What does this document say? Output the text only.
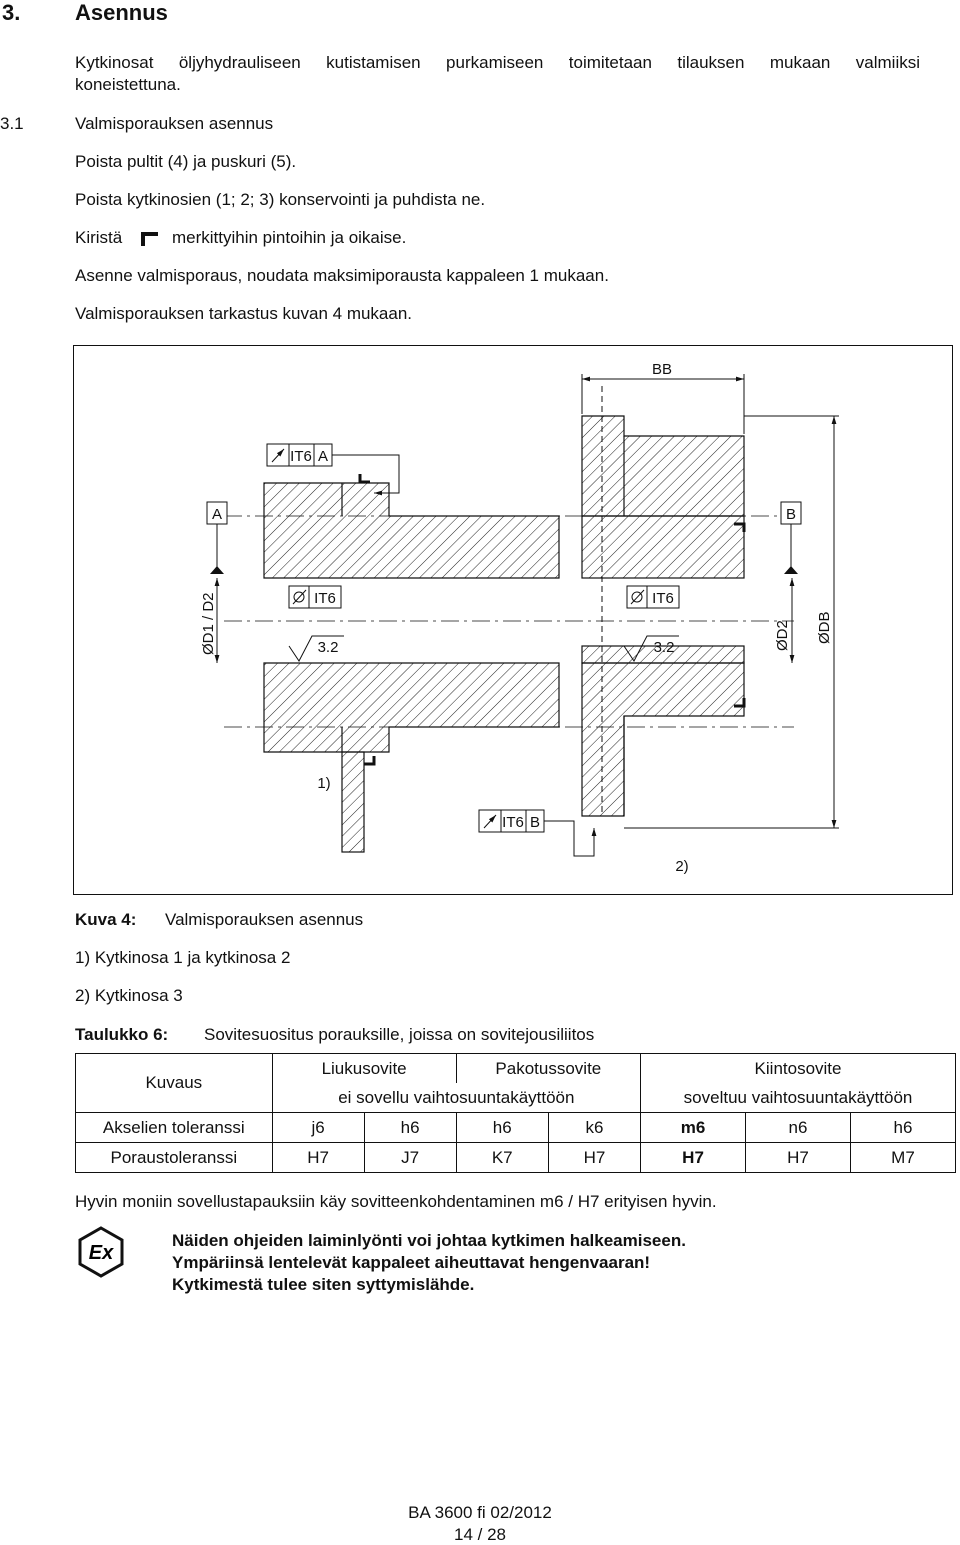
3. Asennus
Kytkinosat öljyhydrauliseen kutistamisen purkamiseen toimitetaan tilauksen mukaan valmiiksi
koneistettuna.
3.1	Valmisporauksen asennus
Poista pultit (4) ja puskuri (5).
Poista kytkinosien (1; 2; 3) konservointi ja puhdista ne.
Kiristä	merkittyihin pintoihin ja oikaise.
Asenne valmisporaus, noudata maksimiporausta kappaleen 1 mukaan.
Valmisporauksen tarkastus kuvan 4 mukaan.
A	B
IT6 A
BB
ØD1 / D2	ØD2 ØDB
IT6
3.2
IT6
3.2
IT6 B
1)
2)
Kuva 4: Valmisporauksen asennus
1) Kytkinosa 1 ja kytkinosa 2
2) Kytkinosa 3
Taulukko 6: Sovitesuositus porauksille, joissa on sovitejousiliitos
Kuvaus	Liukusovite		Pakotussovite		Kiintosovite		
	ei sovellu vaihtosuuntakäyttöön				soveltuu vaihtosuuntakäyttöön		
Akselien toleranssi	j6	h6	h6	k6	m6	n6	h6
Poraustoleranssi	H7	J7	K7	H7	H7	H7	M7
Hyvin moniin sovellustapauksiin käy sovitteenkohdentaminen m6 / H7 erityisen hyvin.
Ex
Näiden ohjeiden laiminlyönti voi johtaa kytkimen halkeamiseen.
Ympäriinsä lentelevät kappaleet aiheuttavat hengenvaaran!
Kytkimestä tulee siten syttymislähde.
BA 3600 fi 02/2012
14 / 28
